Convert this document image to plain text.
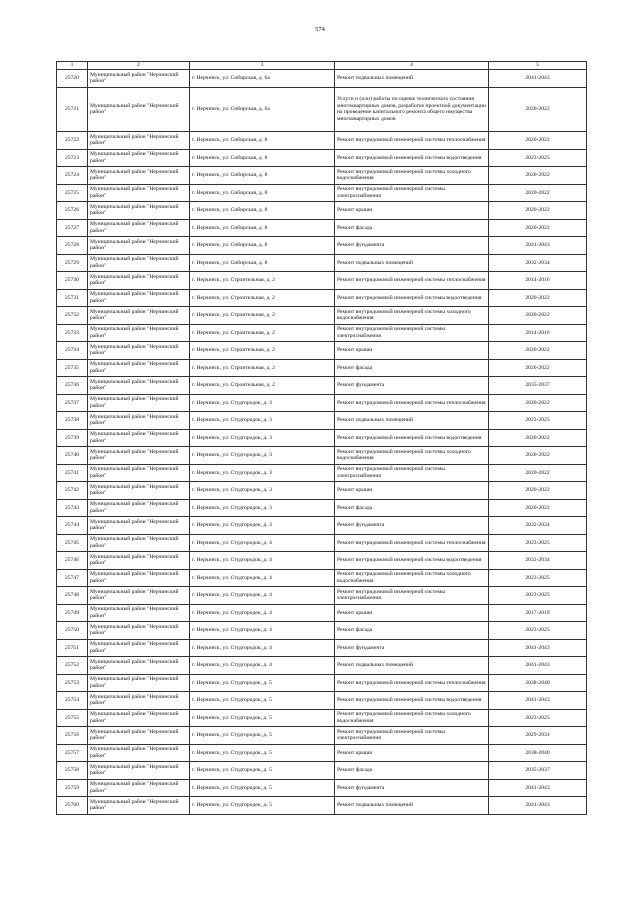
574
1	2	3	4	5
25720	Муниципальный район "Нерчинский район"	г. Нерчинск, ул. Сибирская, д. 6а	Ремонт подвальных помещений	2041-2043
25721	Муниципальный район "Нерчинский район"	г. Нерчинск, ул. Сибирская, д. 6а	Услуги и (или) работы по оценке технического состояния многоквартирных домов, разработке проектной документации на проведение капитального ремонта общего имущества многоквартирных домов	2020-2022
25722	Муниципальный район "Нерчинский район"	г. Нерчинск, ул. Сибирская, д. 8	Ремонт внутридомовой инженерной системы теплоснабжения	2020-2022
25723	Муниципальный район "Нерчинский район"	г. Нерчинск, ул. Сибирская, д. 8	Ремонт внутридомовой инженерной системы водоотведения	2023-2025
25724	Муниципальный район "Нерчинский район"	г. Нерчинск, ул. Сибирская, д. 8	Ремонт внутридомовой инженерной системы холодного водоснабжения	2020-2022
25725	Муниципальный район "Нерчинский район"	г. Нерчинск, ул. Сибирская, д. 8	Ремонт внутридомовой инженерной системы электроснабжения	2020-2022
25726	Муниципальный район "Нерчинский район"	г. Нерчинск, ул. Сибирская, д. 8	Ремонт крыши	2020-2022
25727	Муниципальный район "Нерчинский район"	г. Нерчинск, ул. Сибирская, д. 8	Ремонт фасада	2020-2022
25728	Муниципальный район "Нерчинский район"	г. Нерчинск, ул. Сибирская, д. 8	Ремонт фундамента	2041-2043
25729	Муниципальный район "Нерчинский район"	г. Нерчинск, ул. Сибирская, д. 8	Ремонт подвальных помещений	2032-2034
25730	Муниципальный район "Нерчинский район"	г. Нерчинск, ул. Строительная, д. 2	Ремонт внутридомовой инженерной системы теплоснабжения	2014-2016
25731	Муниципальный район "Нерчинский район"	г. Нерчинск, ул. Строительная, д. 2	Ремонт внутридомовой инженерной системы водоотведения	2020-2022
25732	Муниципальный район "Нерчинский район"	г. Нерчинск, ул. Строительная, д. 2	Ремонт внутридомовой инженерной системы холодного водоснабжения	2020-2022
25733	Муниципальный район "Нерчинский район"	г. Нерчинск, ул. Строительная, д. 2	Ремонт внутридомовой инженерной системы электроснабжения	2014-2016
25734	Муниципальный район "Нерчинский район"	г. Нерчинск, ул. Строительная, д. 2	Ремонт крыши	2020-2022
25735	Муниципальный район "Нерчинский район"	г. Нерчинск, ул. Строительная, д. 2	Ремонт фасада	2020-2022
25736	Муниципальный район "Нерчинский район"	г. Нерчинск, ул. Строительная, д. 2	Ремонт фундамента	2035-2037
25737	Муниципальный район "Нерчинский район"	г. Нерчинск, ул. Студгородок, д. 3	Ремонт внутридомовой инженерной системы теплоснабжения	2020-2022
25738	Муниципальный район "Нерчинский район"	г. Нерчинск, ул. Студгородок, д. 3	Ремонт подвальных помещений	2023-2025
25739	Муниципальный район "Нерчинский район"	г. Нерчинск, ул. Студгородок, д. 3	Ремонт внутридомовой инженерной системы водоотведения	2020-2022
25740	Муниципальный район "Нерчинский район"	г. Нерчинск, ул. Студгородок, д. 3	Ремонт внутридомовой инженерной системы холодного водоснабжения	2020-2022
25741	Муниципальный район "Нерчинский район"	г. Нерчинск, ул. Студгородок, д. 3	Ремонт внутридомовой инженерной системы электроснабжения	2020-2022
25742	Муниципальный район "Нерчинский район"	г. Нерчинск, ул. Студгородок, д. 3	Ремонт крыши	2020-2022
25743	Муниципальный район "Нерчинский район"	г. Нерчинск, ул. Студгородок, д. 3	Ремонт фасада	2020-2022
25744	Муниципальный район "Нерчинский район"	г. Нерчинск, ул. Студгородок, д. 3	Ремонт фундамента	2032-2034
25745	Муниципальный район "Нерчинский район"	г. Нерчинск, ул. Студгородок, д. 4	Ремонт внутридомовой инженерной системы теплоснабжения	2023-2025
25746	Муниципальный район "Нерчинский район"	г. Нерчинск, ул. Студгородок, д. 4	Ремонт внутридомовой инженерной системы водоотведения	2032-2034
25747	Муниципальный район "Нерчинский район"	г. Нерчинск, ул. Студгородок, д. 4	Ремонт внутридомовой инженерной системы холодного водоснабжения	2023-2025
25748	Муниципальный район "Нерчинский район"	г. Нерчинск, ул. Студгородок, д. 4	Ремонт внутридомовой инженерной системы электроснабжения	2023-2025
25749	Муниципальный район "Нерчинский район"	г. Нерчинск, ул. Студгородок, д. 4	Ремонт крыши	2017-2019
25750	Муниципальный район "Нерчинский район"	г. Нерчинск, ул. Студгородок, д. 4	Ремонт фасада	2023-2025
25751	Муниципальный район "Нерчинский район"	г. Нерчинск, ул. Студгородок, д. 4	Ремонт фундамента	2041-2043
25752	Муниципальный район "Нерчинский район"	г. Нерчинск, ул. Студгородок, д. 4	Ремонт подвальных помещений	2041-2043
25753	Муниципальный район "Нерчинский район"	г. Нерчинск, ул. Студгородок, д. 5	Ремонт внутридомовой инженерной системы теплоснабжения	2038-2040
25754	Муниципальный район "Нерчинский район"	г. Нерчинск, ул. Студгородок, д. 5	Ремонт внутридомовой инженерной системы водоотведения	2041-2043
25755	Муниципальный район "Нерчинский район"	г. Нерчинск, ул. Студгородок, д. 5	Ремонт внутридомовой инженерной системы холодного водоснабжения	2023-2025
25756	Муниципальный район "Нерчинский район"	г. Нерчинск, ул. Студгородок, д. 5	Ремонт внутридомовой инженерной системы электроснабжения	2029-2031
25757	Муниципальный район "Нерчинский район"	г. Нерчинск, ул. Студгородок, д. 5	Ремонт крыши	2038-2040
25758	Муниципальный район "Нерчинский район"	г. Нерчинск, ул. Студгородок, д. 5	Ремонт фасада	2035-2037
25759	Муниципальный район "Нерчинский район"	г. Нерчинск, ул. Студгородок, д. 5	Ремонт фундамента	2041-2043
25760	Муниципальный район "Нерчинский район"	г. Нерчинск, ул. Студгородок, д. 5	Ремонт подвальных помещений	2041-2043
